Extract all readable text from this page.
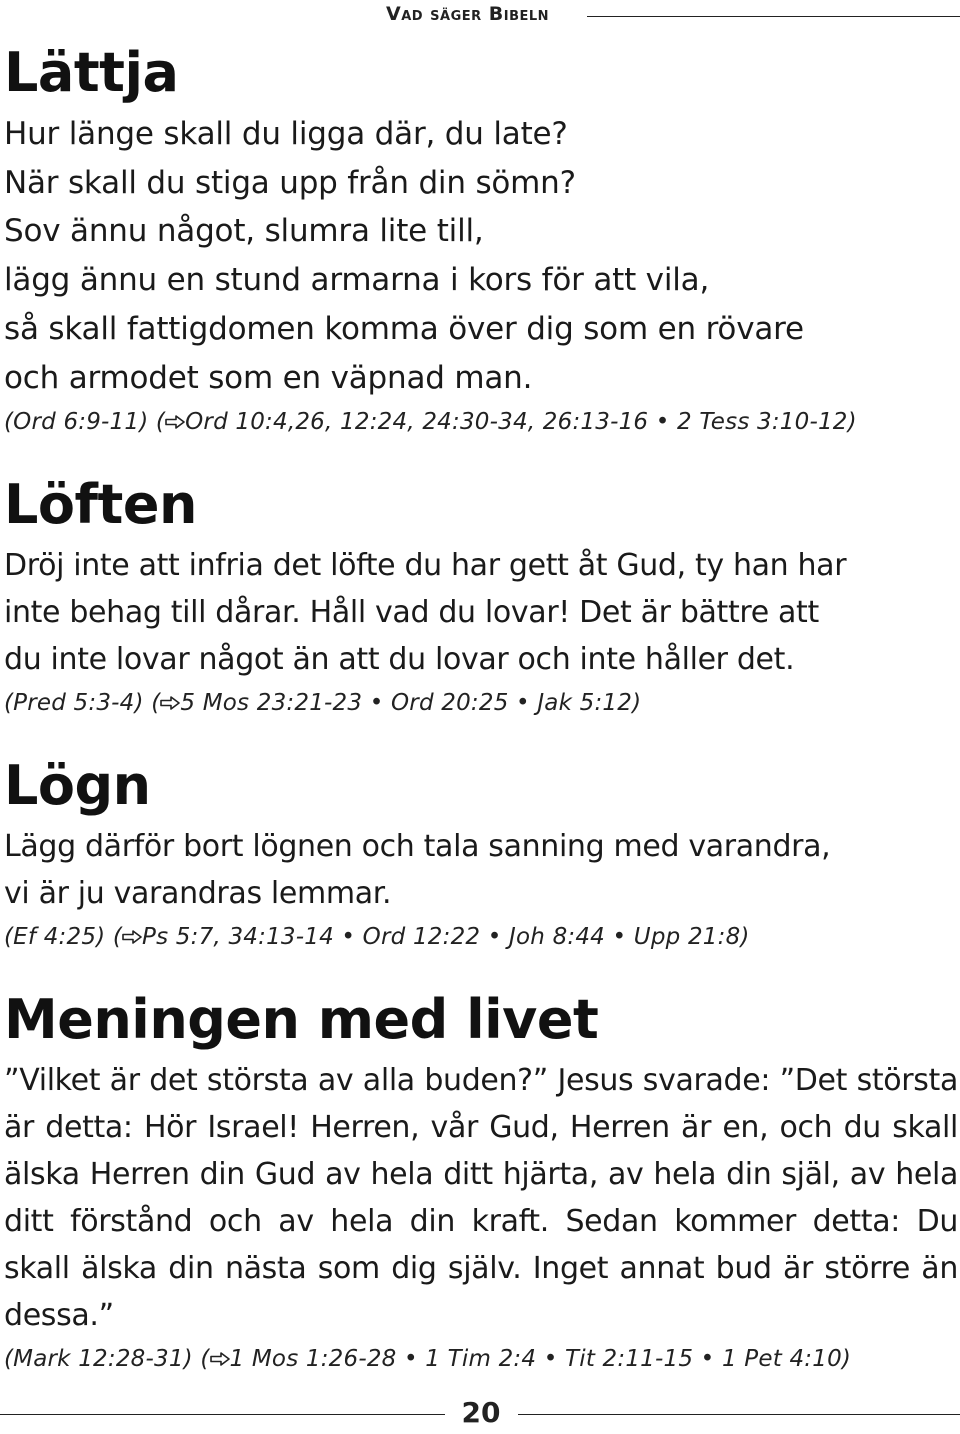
Vad säger Bibeln
Lättja

Hur länge skall du ligga där, du late?
När skall du stiga upp från din sömn?
Sov ännu något, slumra lite till,
lägg ännu en stund armarna i kors för att vila,
så skall fattigdomen komma över dig som en rövare
och armodet som en väpnad man.

(Ord 6:9-11) ( Ord 10:4,26, 12:24, 24:30-34, 26:13-16 • 2 Tess 3:10-12)

Löften

Dröj inte att infria det löfte du har gett åt Gud, ty han har
inte behag till dårar. Håll vad du lovar! Det är bättre att
du inte lovar något än att du lovar och inte håller det.

(Pred 5:3-4) ( 5 Mos 23:21-23 • Ord 20:25 • Jak 5:12)

Lögn

Lägg därför bort lögnen och tala sanning med varandra,
vi är ju varandras lemmar.

(Ef 4:25) ( Ps 5:7, 34:13-14 • Ord 12:22 • Joh 8:44 • Upp 21:8)

Meningen med livet

”Vilket är det största av alla buden?” Jesus svarade: ”Det största är detta: Hör Israel! Herren, vår Gud, Herren är en, och du skall älska Herren din Gud av hela ditt hjärta, av hela din själ, av hela ditt förstånd och av hela din kraft. Sedan kommer detta: Du skall älska din nästa som dig själv. Inget annat bud är större än dessa.”

(Mark 12:28-31) ( 1 Mos 1:26-28 • 1 Tim 2:4 • Tit 2:11-15 • 1 Pet 4:10)

20
